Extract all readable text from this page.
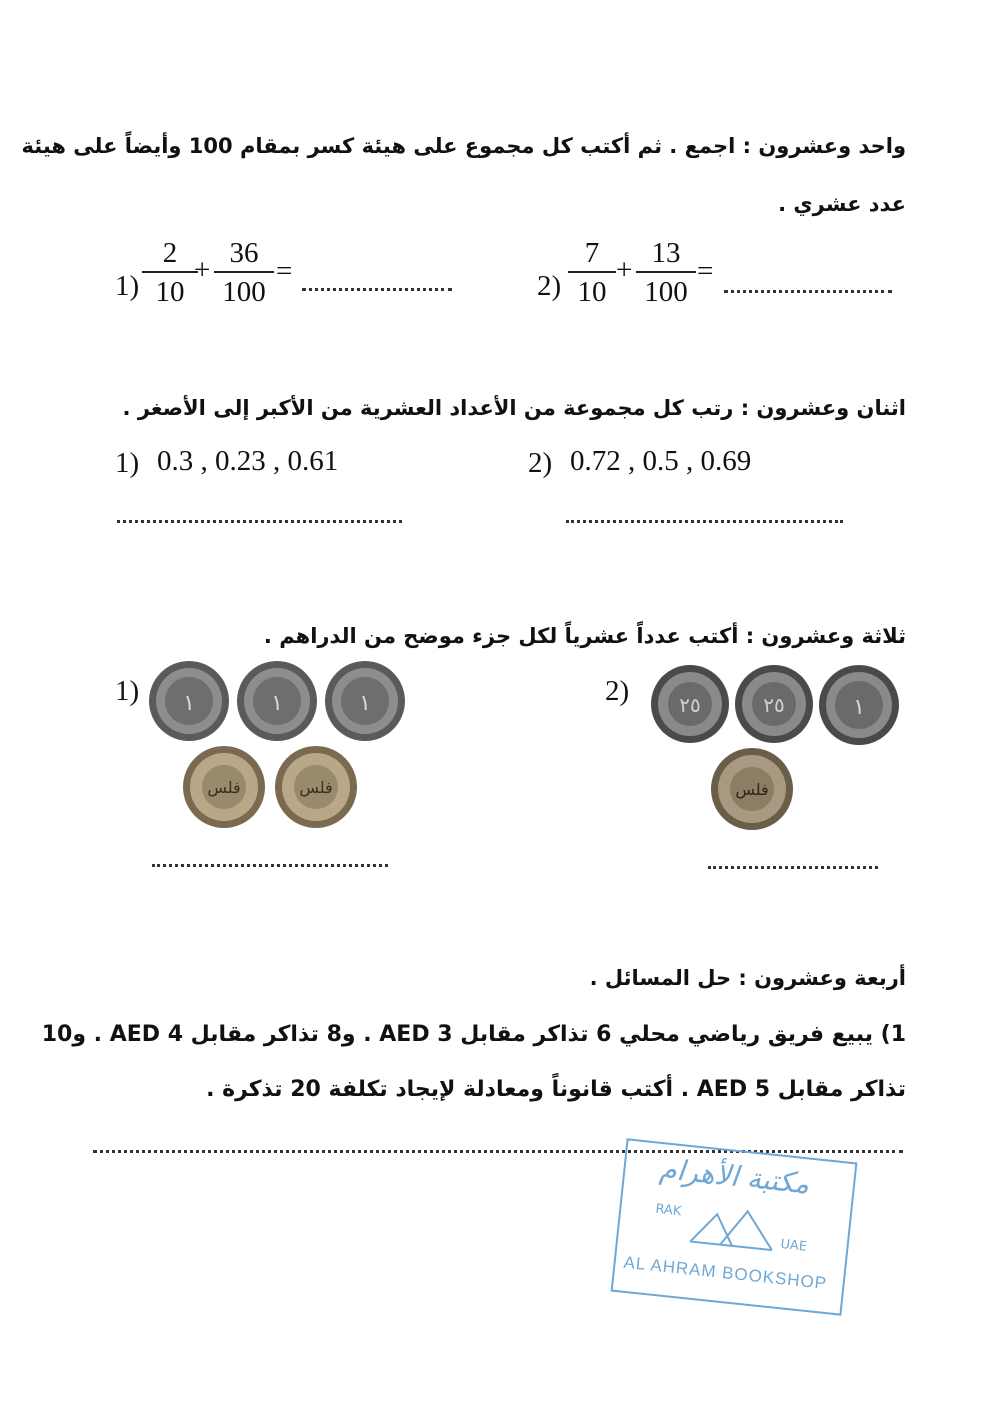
واحد وعشرون : اجمع . ثم أكتب كل مجموع على هيئة كسر بمقام 100 وأيضاً على هيئة
عدد عشري .
1)
2
10
+
36
100
=	2)
7
10
+
13
100
=
اثنان وعشرون : رتب كل مجموعة من الأعداد العشرية من الأكبر إلى الأصغر .
1) 0.3 , 0.23 , 0.61	2) 0.72 , 0.5 , 0.69
ثلاثة وعشرون : أكتب عدداً عشرياً لكل جزء موضح من الدراهم .
1)	2)
١	١	١
فلس	فلس
٢٥	٢٥	١
فلس
أربعة وعشرون : حل المسائل .
1) يبيع فريق رياضي محلي 6 تذاكر مقابل 3 AED . و8 تذاكر مقابل 4 AED . و10
تذاكر مقابل 5 AED . أكتب قانوناً ومعادلة لإيجاد تكلفة 20 تذكرة .
مكتبة الأهرام
RAK
UAE
AL AHRAM BOOKSHOP
